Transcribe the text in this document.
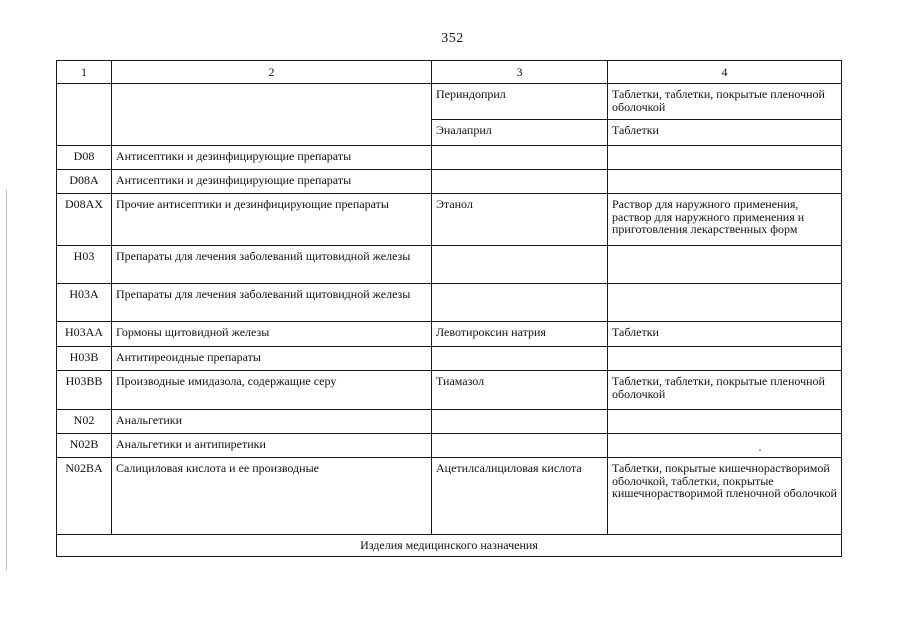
352
1	2	3	4
		Периндоприл	Таблетки, таблетки, покрытые пленочной оболочкой
		Эналаприл	Таблетки
D08	Антисептики и дезинфицирующие препараты		
D08A	Антисептики и дезинфицирующие препараты		
D08AX	Прочие антисептики и дезинфицирующие препараты	Этанол	Раствор для наружного применения, раствор для наружного применения и приготовления лекарственных форм
H03	Препараты для лечения заболеваний щитовидной железы		
H03A	Препараты для лечения заболеваний щитовидной железы		
H03AA	Гормоны щитовидной железы	Левотироксин натрия	Таблетки
H03B	Антитиреоидные препараты		
H03BB	Производные имидазола, содержащие серу	Тиамазол	Таблетки, таблетки, покрытые пленочной оболочкой
N02	Анальгетики		
N02B	Анальгетики и антипиретики		
N02BA	Салициловая кислота и ее производные	Ацетилсалициловая кислота	Таблетки, покрытые кишечнорастворимой оболочкой, таблетки, покрытые кишечнорастворимой пленочной оболочкой
Изделия медицинского назначения			
